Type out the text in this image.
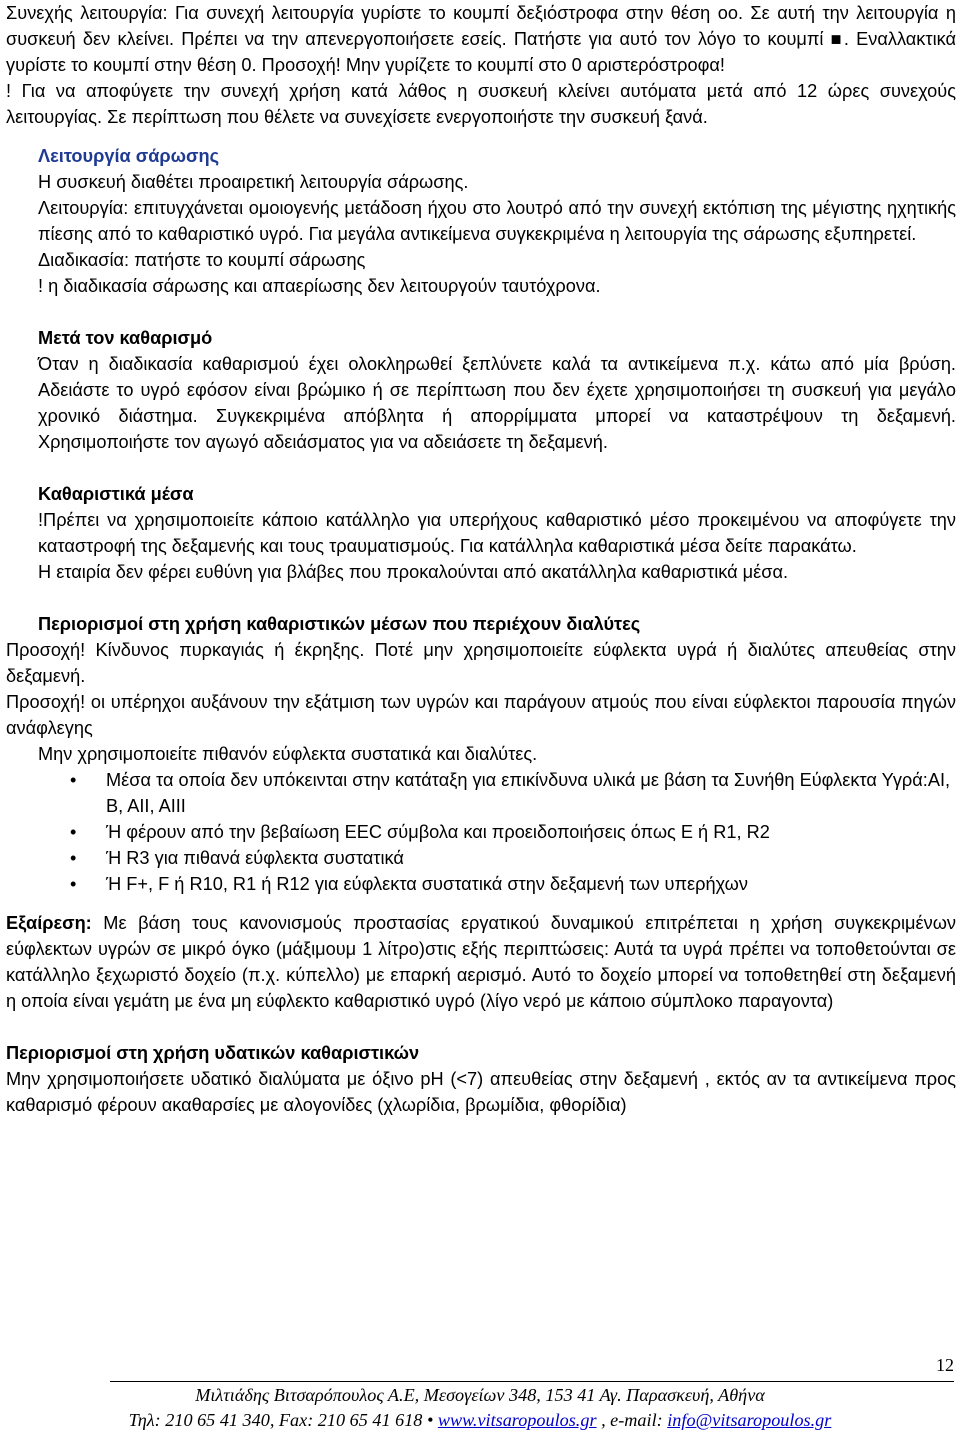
Συνεχής λειτουργία: Για συνεχή λειτουργία γυρίστε το κουμπί δεξιόστροφα στην θέση οο. Σε αυτή την λειτουργία η συσκευή δεν κλείνει. Πρέπει να την απενεργοποιήσετε εσείς. Πατήστε για αυτό τον λόγο το κουμπί ■. Εναλλακτικά γυρίστε το κουμπί στην θέση 0. Προσοχή! Μην γυρίζετε το κουμπί στο 0 αριστερόστροφα!

! Για να αποφύγετε την συνεχή χρήση κατά λάθος η συσκευή κλείνει αυτόματα μετά από 12 ώρες συνεχούς λειτουργίας. Σε περίπτωση που θέλετε να συνεχίσετε ενεργοποιήστε την συσκευή ξανά.

Λειτουργία σάρωσης

Η συσκευή διαθέτει προαιρετική λειτουργία σάρωσης.

Λειτουργία: επιτυγχάνεται ομοιογενής μετάδοση ήχου στο λουτρό από την συνεχή εκτόπιση της μέγιστης ηχητικής πίεσης από το καθαριστικό υγρό. Για μεγάλα αντικείμενα συγκεκριμένα η λειτουργία της σάρωσης εξυπηρετεί.

Διαδικασία: πατήστε το κουμπί σάρωσης

! η διαδικασία σάρωσης και απαερίωσης δεν λειτουργούν ταυτόχρονα.

Μετά τον καθαρισμό

Όταν η διαδικασία καθαρισμού έχει ολοκληρωθεί ξεπλύνετε καλά τα αντικείμενα π.χ. κάτω από μία βρύση. Αδειάστε το υγρό εφόσον είναι βρώμικο ή σε περίπτωση που δεν έχετε χρησιμοποιήσει τη συσκευή για μεγάλο χρονικό διάστημα. Συγκεκριμένα απόβλητα ή απορρίμματα μπορεί να καταστρέψουν τη δεξαμενή. Χρησιμοποιήστε τον αγωγό αδειάσματος για να αδειάσετε τη δεξαμενή.

Καθαριστικά μέσα

!Πρέπει να χρησιμοποιείτε κάποιο κατάλληλο για υπερήχους καθαριστικό μέσο προκειμένου να αποφύγετε την καταστροφή της δεξαμενής και τους τραυματισμούς. Για κατάλληλα καθαριστικά μέσα δείτε παρακάτω.

Η εταιρία δεν φέρει ευθύνη για βλάβες που προκαλούνται από ακατάλληλα καθαριστικά μέσα.

Περιορισμοί στη χρήση καθαριστικών μέσων που περιέχουν διαλύτες

Προσοχή! Κίνδυνος πυρκαγιάς ή έκρηξης. Ποτέ μην χρησιμοποιείτε εύφλεκτα υγρά ή διαλύτες απευθείας στην δεξαμενή.

Προσοχή! οι υπέρηχοι αυξάνουν την εξάτμιση των υγρών και παράγουν ατμούς που είναι εύφλεκτοι παρουσία πηγών ανάφλεγης

Μην χρησιμοποιείτε πιθανόν εύφλεκτα συστατικά και διαλύτες.

• Μέσα τα οποία δεν υπόκεινται στην κατάταξη για επικίνδυνα υλικά με βάση τα Συνήθη Εύφλεκτα Υγρά:AI, B, AII, AIII
• Ή φέρουν από την βεβαίωση EEC σύμβολα και προειδοποιήσεις όπως E ή R1, R2
• Ή R3 για πιθανά εύφλεκτα συστατικά
• Ή F+, F ή R10, R1 ή R12 για εύφλεκτα συστατικά στην δεξαμενή των υπερήχων

Εξαίρεση: Με βάση τους κανονισμούς προστασίας εργατικού δυναμικού επιτρέπεται η χρήση συγκεκριμένων εύφλεκτων υγρών σε μικρό όγκο (μάξιμουμ 1 λίτρο)στις εξής περιπτώσεις: Αυτά τα υγρά πρέπει να τοποθετούνται σε κατάλληλο ξεχωριστό δοχείο (π.χ. κύπελλο) με επαρκή αερισμό. Αυτό το δοχείο μπορεί να τοποθετηθεί στη δεξαμενή η οποία είναι γεμάτη με ένα μη εύφλεκτο καθαριστικό υγρό (λίγο νερό με κάποιο σύμπλοκο παραγοντα)

Περιορισμοί στη χρήση υδατικών καθαριστικών

Μην χρησιμοποιήσετε υδατικό διαλύματα με όξινο pH (<7) απευθείας στην δεξαμενή , εκτός αν τα αντικείμενα προς καθαρισμό φέρουν ακαθαρσίες με αλογονίδες (χλωρίδια, βρωμίδια, φθορίδια)

12
Μιλτιάδης Βιτσαρόπουλος Α.Ε, Μεσογείων 348, 153 41 Αγ. Παρασκευή, Αθήνα
Τηλ: 210 65 41 340, Fax: 210 65 41 618 • www.vitsaropoulos.gr , e-mail: info@vitsaropoulos.gr
